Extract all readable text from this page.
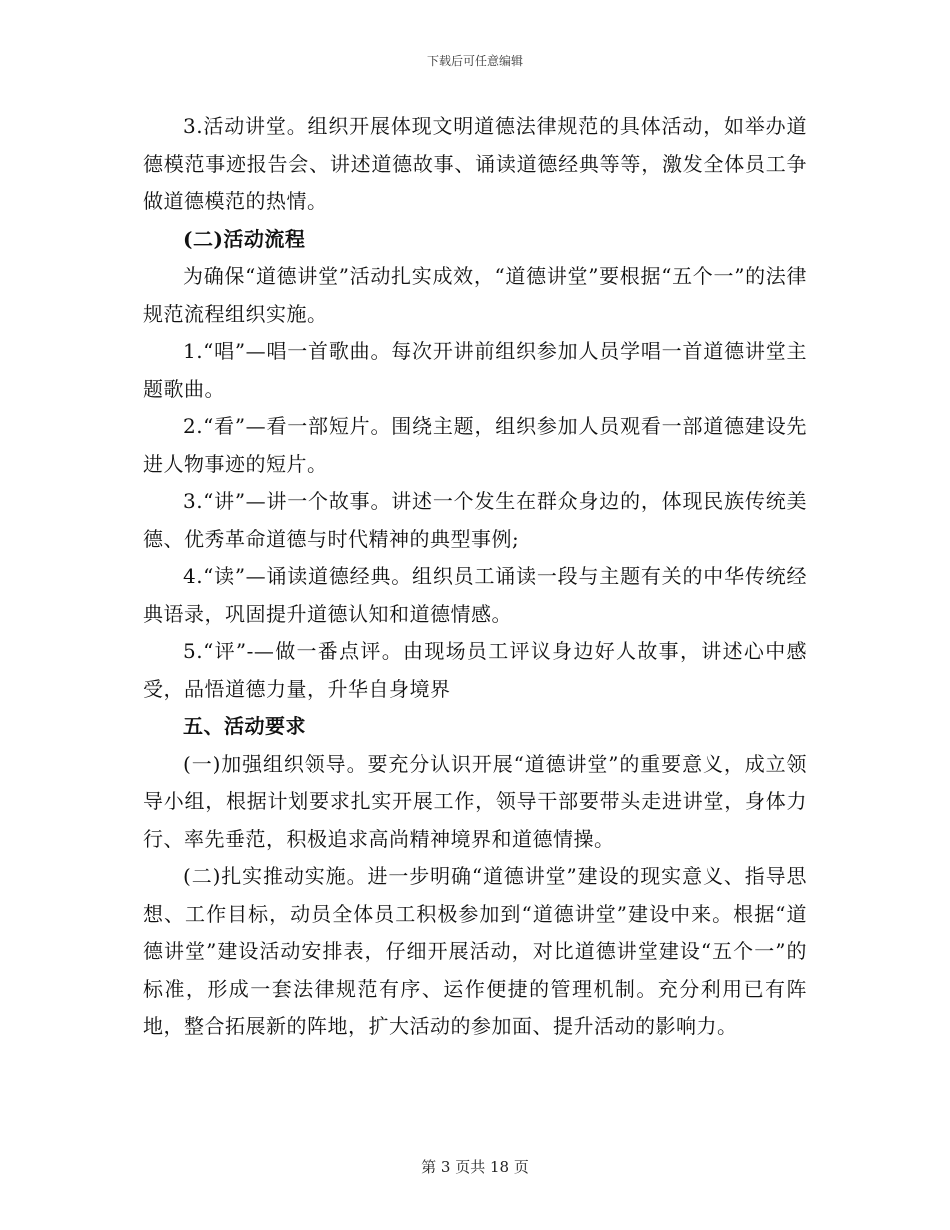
下载后可任意编辑

3.活动讲堂。组织开展体现文明道德法律规范的具体活动，如举办道德模范事迹报告会、讲述道德故事、诵读道德经典等等，激发全体员工争做道德模范的热情。

(二)活动流程

为确保“道德讲堂”活动扎实成效，“道德讲堂”要根据“五个一”的法律规范流程组织实施。

1.“唱”—唱一首歌曲。每次开讲前组织参加人员学唱一首道德讲堂主题歌曲。

2.“看”—看一部短片。围绕主题，组织参加人员观看一部道德建设先进人物事迹的短片。

3.“讲”—讲一个故事。讲述一个发生在群众身边的，体现民族传统美德、优秀革命道德与时代精神的典型事例;

4.“读”—诵读道德经典。组织员工诵读一段与主题有关的中华传统经典语录，巩固提升道德认知和道德情感。

5.“评”-—做一番点评。由现场员工评议身边好人故事，讲述心中感受，品悟道德力量，升华自身境界

五、活动要求

(一)加强组织领导。要充分认识开展“道德讲堂”的重要意义，成立领导小组，根据计划要求扎实开展工作，领导干部要带头走进讲堂，身体力行、率先垂范，积极追求高尚精神境界和道德情操。

(二)扎实推动实施。进一步明确“道德讲堂”建设的现实意义、指导思想、工作目标，动员全体员工积极参加到“道德讲堂”建设中来。根据“道德讲堂”建设活动安排表，仔细开展活动，对比道德讲堂建设“五个一”的标准，形成一套法律规范有序、运作便捷的管理机制。充分利用已有阵地，整合拓展新的阵地，扩大活动的参加面、提升活动的影响力。

第 3 页共 18 页
